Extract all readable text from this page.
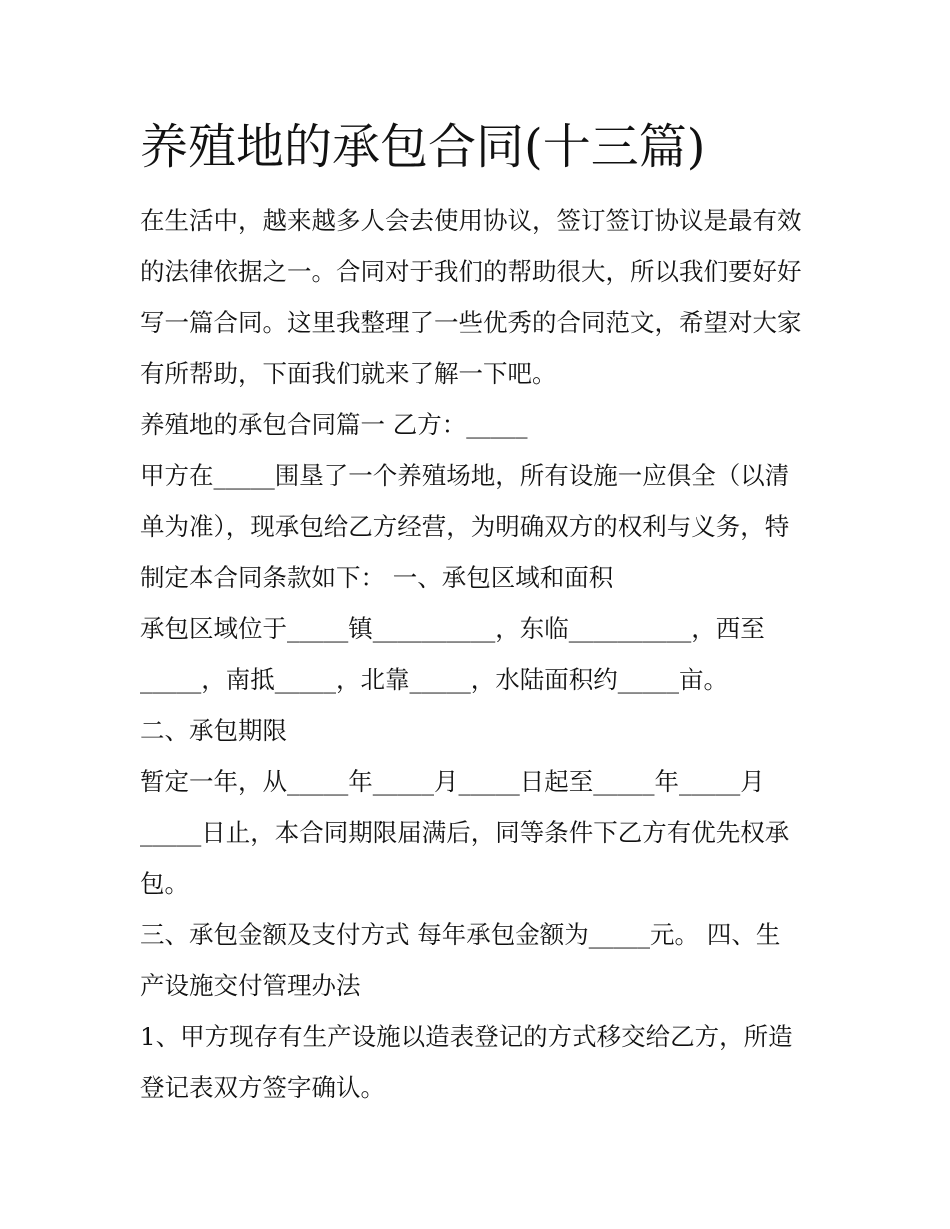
养殖地的承包合同(十三篇)

在生活中，越来越多人会去使用协议，签订签订协议是最有效

的法律依据之一。合同对于我们的帮助很大，所以我们要好好

写一篇合同。这里我整理了一些优秀的合同范文，希望对大家

有所帮助，下面我们就来了解一下吧。

养殖地的承包合同篇一 乙方：_____

甲方在_____围垦了一个养殖场地，所有设施一应俱全（以清

单为准），现承包给乙方经营，为明确双方的权利与义务，特

制定本合同条款如下： 一、承包区域和面积

承包区域位于_____镇__________，东临__________，西至

_____，南抵_____，北靠_____，水陆面积约_____亩。

二、承包期限

暂定一年，从_____年_____月_____日起至_____年_____月

_____日止，本合同期限届满后，同等条件下乙方有优先权承

包。

三、承包金额及支付方式 每年承包金额为_____元。 四、生

产设施交付管理办法

1、甲方现存有生产设施以造表登记的方式移交给乙方，所造

登记表双方签字确认。
